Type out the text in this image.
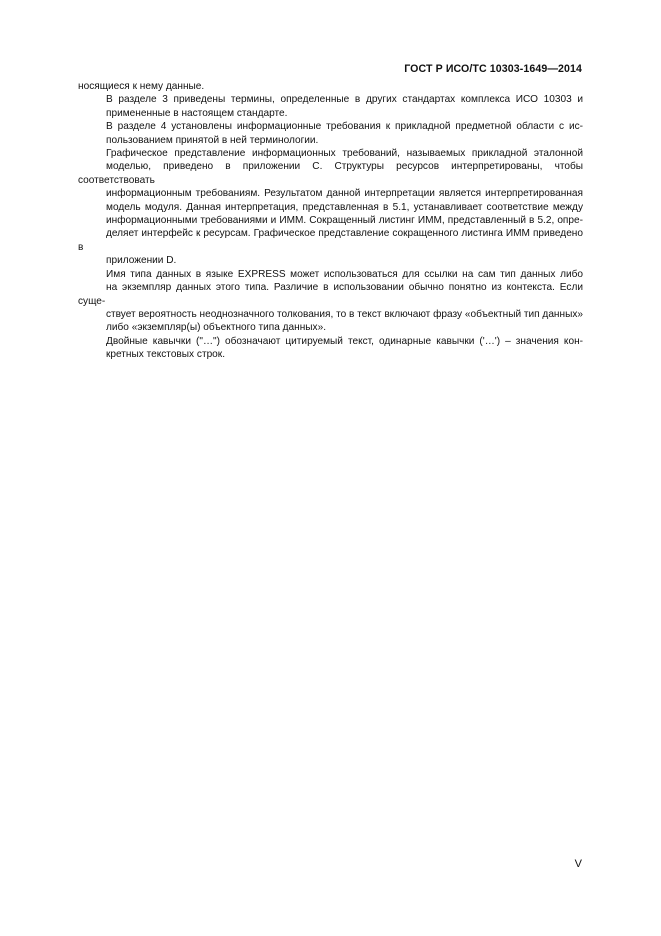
ГОСТ Р ИСО/ТС 10303-1649—2014

носящиеся к нему данные.

В разделе 3 приведены термины, определенные в других стандартах комплекса ИСО 10303 и
примененные в настоящем стандарте.

В разделе 4 установлены информационные требования к прикладной предметной области с ис-
пользованием принятой в ней терминологии.

Графическое представление информационных требований, называемых прикладной эталонной
моделью, приведено в приложении С. Структуры ресурсов интерпретированы, чтобы соответствовать
информационным требованиям. Результатом данной интерпретации является интерпретированная
модель модуля. Данная интерпретация, представленная в 5.1, устанавливает соответствие между
информационными требованиями и ИММ. Сокращенный листинг ИММ, представленный в 5.2, опре-
деляет интерфейс к ресурсам. Графическое представление сокращенного листинга ИММ приведено в
приложении D.

Имя типа данных в языке EXPRESS может использоваться для ссылки на сам тип данных либо
на экземпляр данных этого типа. Различие в использовании обычно понятно из контекста. Если суще-
ствует вероятность неоднозначного толкования, то в текст включают фразу «объектный тип данных»
либо «экземпляр(ы) объектного типа данных».

Двойные кавычки ("…") обозначают цитируемый текст, одинарные кавычки ('…') – значения кон-
кретных текстовых строк.

V
